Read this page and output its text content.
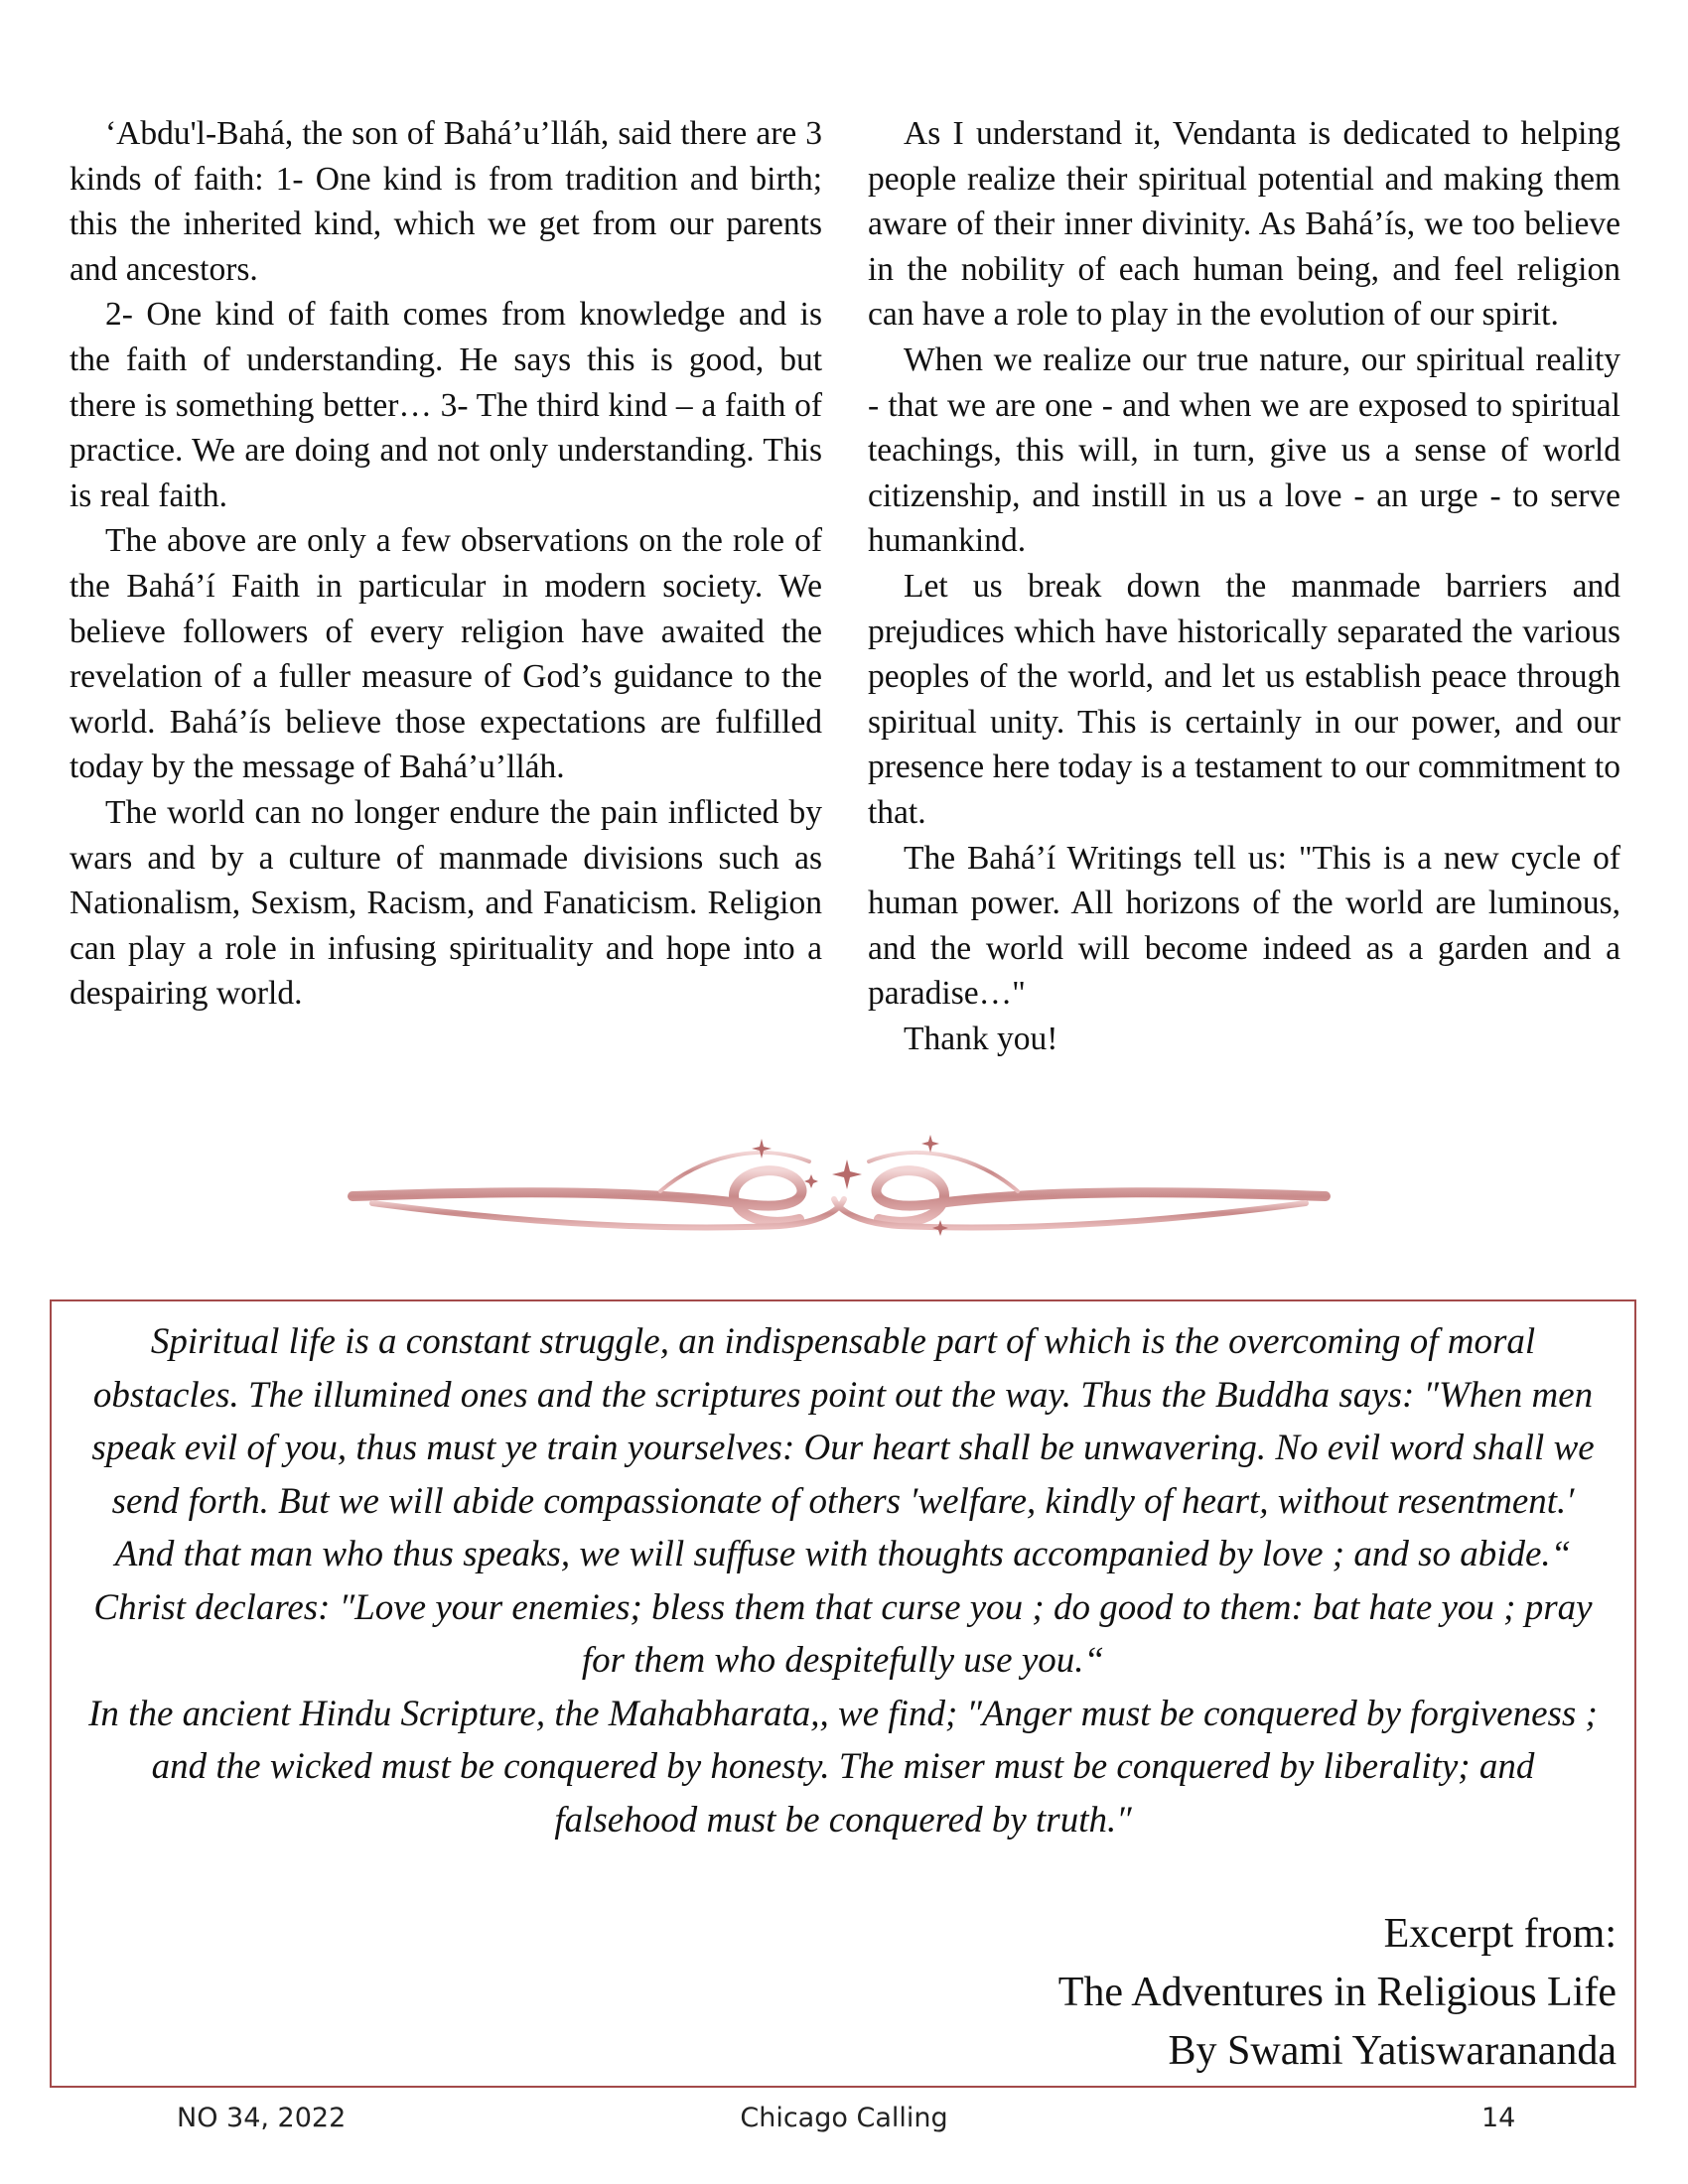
‘Abdu'l-Bahá, the son of Bahá’u’lláh, said there are 3 kinds of faith: 1- One kind is from tradition and birth; this the inherited kind, which we get from our parents and ancestors.

2- One kind of faith comes from knowledge and is the faith of understanding. He says this is good, but there is something better… 3- The third kind – a faith of practice. We are doing and not only understanding. This is real faith.

The above are only a few observations on the role of the Bahá’í Faith in particular in modern society. We believe followers of every religion have awaited the revelation of a fuller measure of God’s guidance to the world. Bahá’ís believe those expectations are fulfilled today by the message of Bahá’u’lláh.

The world can no longer endure the pain inflicted by wars and by a culture of manmade divisions such as Nationalism, Sexism, Racism, and Fanaticism. Religion can play a role in infusing spirituality and hope into a despairing world.

As I understand it, Vendanta is dedicated to helping people realize their spiritual potential and making them aware of their inner divinity. As Bahá’ís, we too believe in the nobility of each human being, and feel religion can have a role to play in the evolution of our spirit.

When we realize our true nature, our spiritual reality - that we are one - and when we are exposed to spiritual teachings, this will, in turn, give us a sense of world citizenship, and instill in us a love - an urge - to serve humankind.

Let us break down the manmade barriers and prejudices which have historically separated the various peoples of the world, and let us establish peace through spiritual unity. This is certainly in our power, and our presence here today is a testament to our commitment to that.

The Bahá’í Writings tell us: "This is a new cycle of human power. All horizons of the world are luminous, and the world will become indeed as a garden and a paradise…"

Thank you!

Spiritual life is a constant struggle, an indispensable part of which is the overcoming of moral obstacles. The illumined ones and the scriptures point out the way. Thus the Buddha says: ″When men speak evil of you, thus must ye train yourselves: Our heart shall be unwavering. No evil word shall we send forth. But we will abide compassionate of others ′welfare, kindly of heart, without resentment.′ And that man who thus speaks, we will suffuse with thoughts accompanied by love ; and so abide.“

Christ declares: ″Love your enemies; bless them that curse you ; do good to them: bat hate you ; pray for them who despitefully use you.“

In the ancient Hindu Scripture, the Mahabharata,, we find; ″Anger must be conquered by forgiveness ; and the wicked must be conquered by honesty. The miser must be conquered by liberality; and falsehood must be conquered by truth.″

Excerpt from:
The Adventures in Religious Life
By Swami Yatiswarananda
NO 34, 2022	Chicago Calling	14
